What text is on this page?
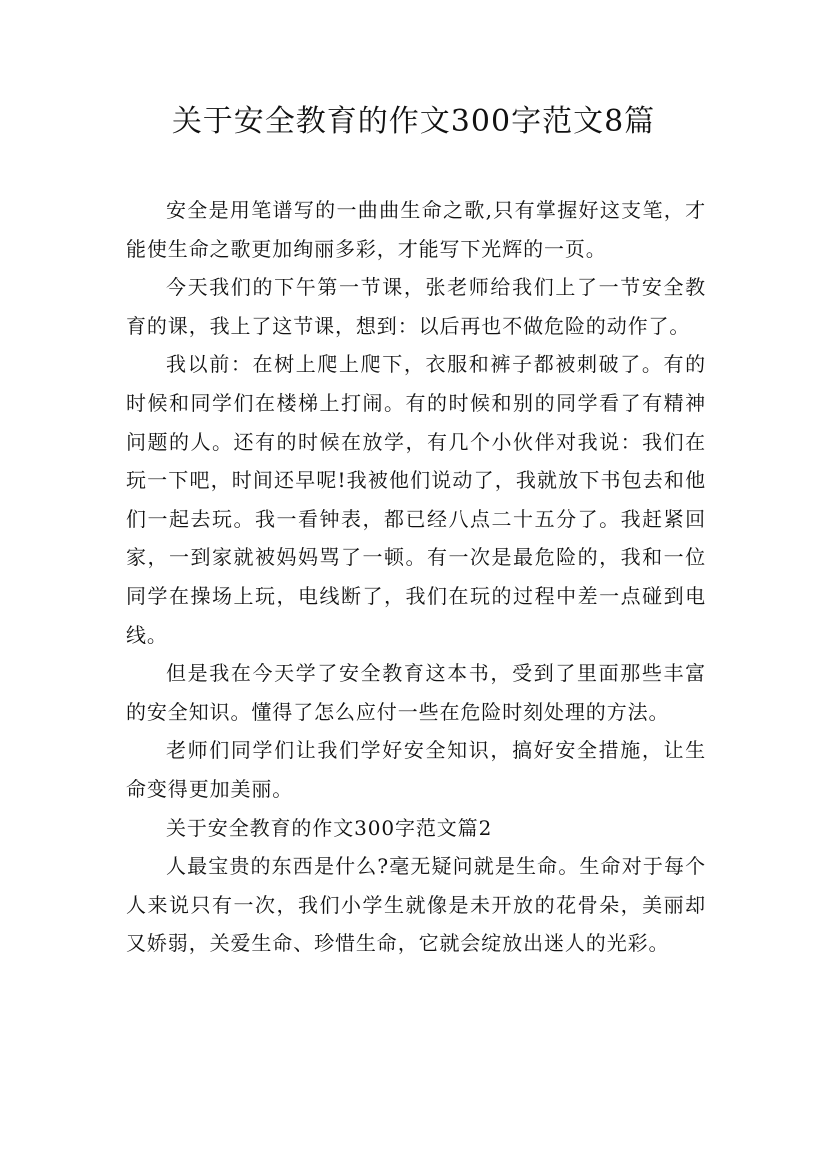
关于安全教育的作文300字范文8篇

安全是用笔谱写的一曲曲生命之歌,只有掌握好这支笔，才能使生命之歌更加绚丽多彩，才能写下光辉的一页。

今天我们的下午第一节课，张老师给我们上了一节安全教育的课，我上了这节课，想到：以后再也不做危险的动作了。

我以前：在树上爬上爬下，衣服和裤子都被刺破了。有的时候和同学们在楼梯上打闹。有的时候和别的同学看了有精神问题的人。还有的时候在放学，有几个小伙伴对我说：我们在玩一下吧，时间还早呢!我被他们说动了，我就放下书包去和他们一起去玩。我一看钟表，都已经八点二十五分了。我赶紧回家，一到家就被妈妈骂了一顿。有一次是最危险的，我和一位同学在操场上玩，电线断了，我们在玩的过程中差一点碰到电线。

但是我在今天学了安全教育这本书，受到了里面那些丰富的安全知识。懂得了怎么应付一些在危险时刻处理的方法。

老师们同学们让我们学好安全知识，搞好安全措施，让生命变得更加美丽。

关于安全教育的作文300字范文篇2

人最宝贵的东西是什么?毫无疑问就是生命。生命对于每个人来说只有一次，我们小学生就像是未开放的花骨朵，美丽却又娇弱，关爱生命、珍惜生命，它就会绽放出迷人的光彩。
